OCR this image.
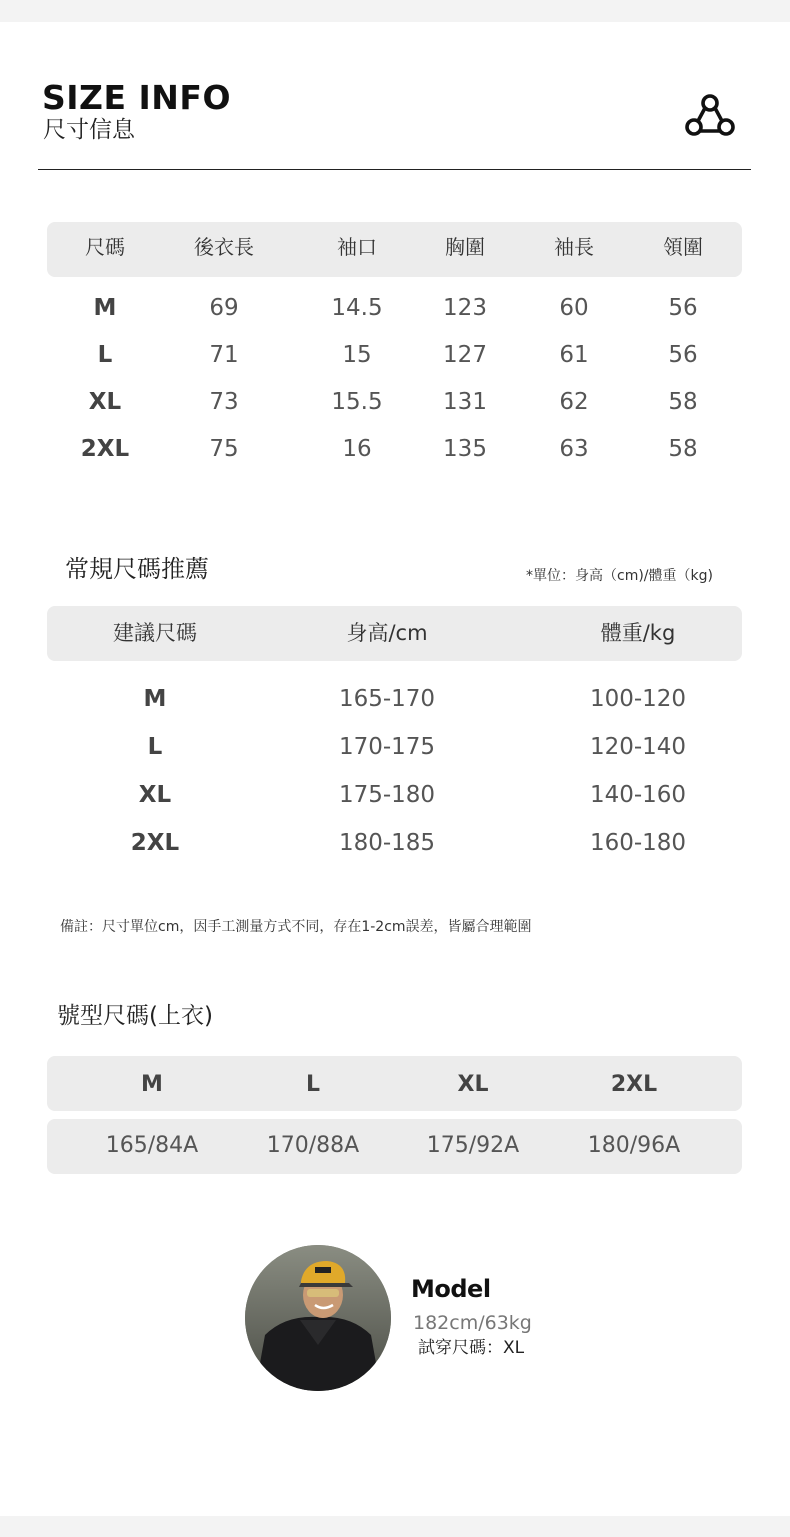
SIZE INFO
尺寸信息
尺碼	後衣長	袖口	胸圍	袖長	領圍
M	69	14.5	123	60	56
L	71	15	127	61	56
XL	73	15.5	131	62	58
2XL	75	16	135	63	58
常規尺碼推薦	*單位：身高（cm)/體重（kg)
建議尺碼	身高/cm	體重/kg
M	165-170	100-120
L	170-175	120-140
XL	175-180	140-160
2XL	180-185	160-180
備註：尺寸單位cm，因手工測量方式不同，存在1-2cm誤差，皆屬合理範圍
號型尺碼(上衣)
M	L	XL	2XL
165/84A	170/88A	175/92A	180/96A
Model
182cm/63kg
試穿尺碼：XL
